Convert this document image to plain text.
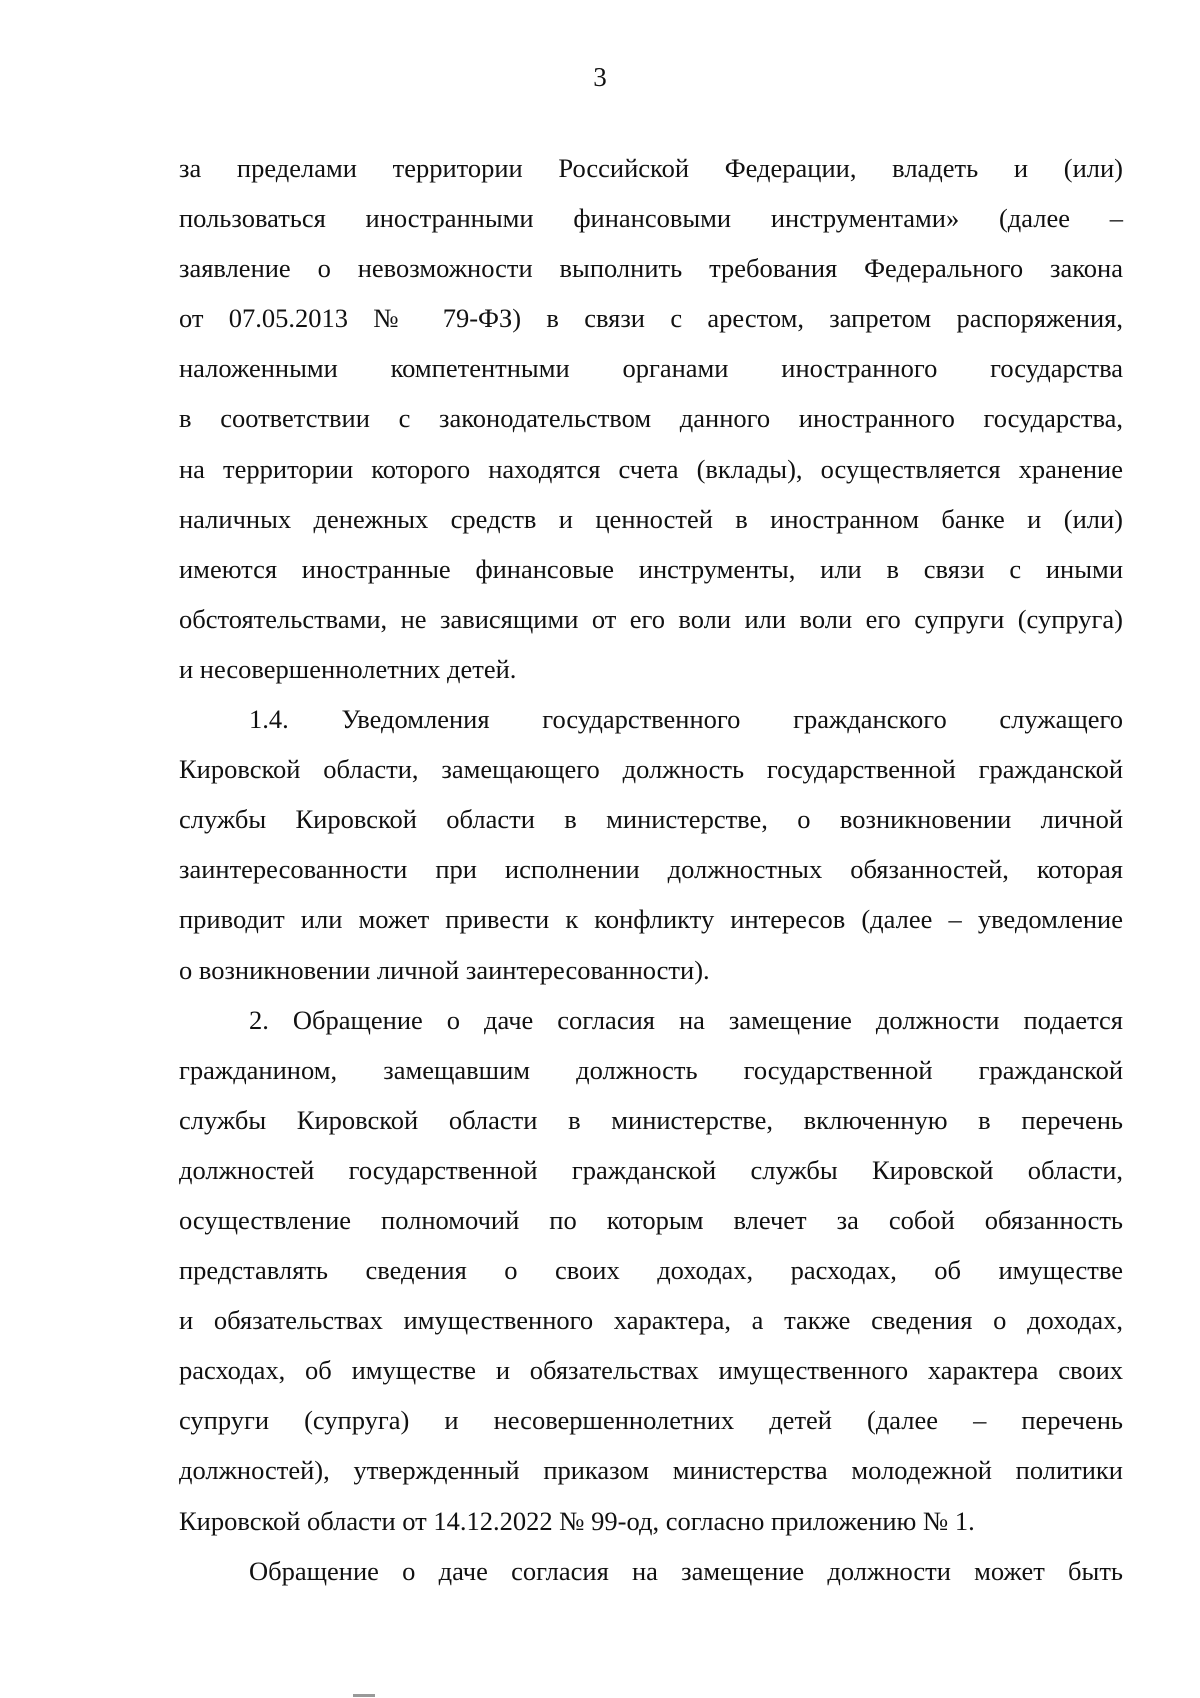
3
за пределами территории Российской Федерации, владеть и (или)
пользоваться иностранными финансовыми инструментами» (далее –
заявление о невозможности выполнить требования Федерального закона
от 07.05.2013 № 79-ФЗ) в связи с арестом, запретом распоряжения,
наложенными компетентными органами иностранного государства
в соответствии с законодательством данного иностранного государства,
на территории которого находятся счета (вклады), осуществляется хранение
наличных денежных средств и ценностей в иностранном банке и (или)
имеются иностранные финансовые инструменты, или в связи с иными
обстоятельствами, не зависящими от его воли или воли его супруги (супруга)
и несовершеннолетних детей.
1.4. Уведомления государственного гражданского служащего
Кировской области, замещающего должность государственной гражданской
службы Кировской области в министерстве, о возникновении личной
заинтересованности при исполнении должностных обязанностей, которая
приводит или может привести к конфликту интересов (далее – уведомление
о возникновении личной заинтересованности).
2. Обращение о даче согласия на замещение должности подается
гражданином, замещавшим должность государственной гражданской
службы Кировской области в министерстве, включенную в перечень
должностей государственной гражданской службы Кировской области,
осуществление полномочий по которым влечет за собой обязанность
представлять сведения о своих доходах, расходах, об имуществе
и обязательствах имущественного характера, а также сведения о доходах,
расходах, об имуществе и обязательствах имущественного характера своих
супруги (супруга) и несовершеннолетних детей (далее – перечень
должностей), утвержденный приказом министерства молодежной политики
Кировской области от 14.12.2022 № 99-од, согласно приложению № 1.
Обращение о даче согласия на замещение должности может быть
